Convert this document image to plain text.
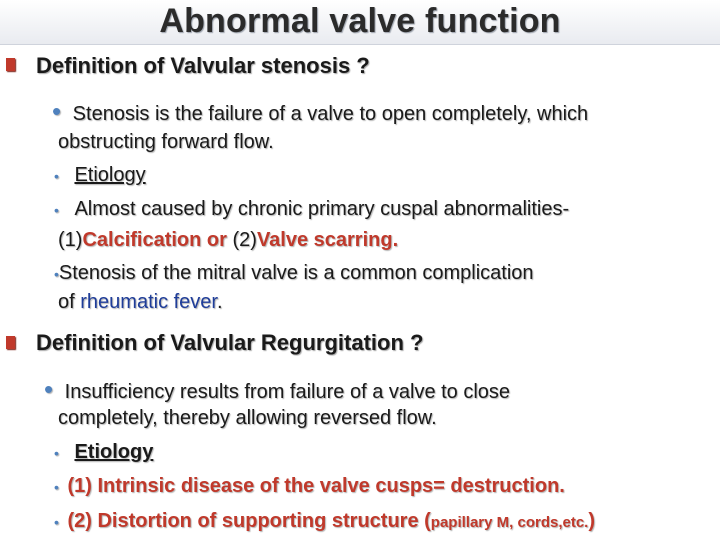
Abnormal valve function
Definition of Valvular stenosis ?
• Stenosis is the failure of a valve to open completely, which
obstructing forward flow.
• Etiology
• Almost caused by chronic primary cuspal abnormalities-
(1)Calcification or (2)Valve scarring.
•Stenosis of the mitral valve is a common complication
of rheumatic fever.
Definition of Valvular Regurgitation ?
• Insufficiency results from failure of a valve to close
completely, thereby allowing reversed flow.
• Etiology
• (1) Intrinsic disease of the valve cusps= destruction.
• (2) Distortion of supporting structure (papillary M, cords,etc.)
